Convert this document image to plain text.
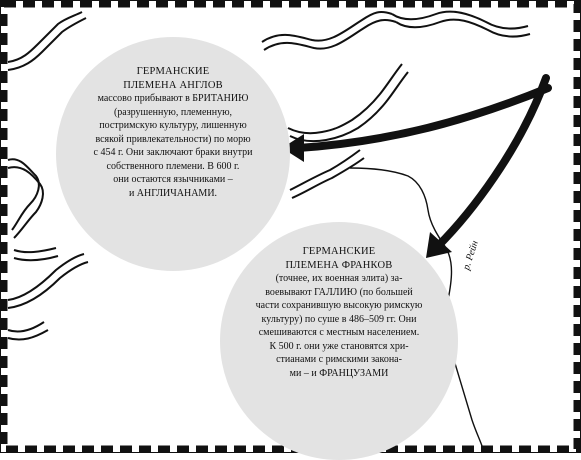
ГЕРМАНСКИЕ
ПЛЕМЕНА АНГЛОВ
массово прибывают в БРИТАНИЮ
(разрушенную, племенную,
постримскую культуру, лишенную
всякой привлекательности) по морю
с 454 г. Они заключают браки внутри
собственного племени. В 600 г.
они остаются язычниками –
и АНГЛИЧАНАМИ.
ГЕРМАНСКИЕ
ПЛЕМЕНА ФРАНКОВ
(точнее, их военная элита) за-
воевывают ГАЛЛИЮ (по большей
части сохранившую высокую римскую
культуру) по суше в 486–509 гг. Они
смешиваются с местным населением.
К 500 г. они уже становятся хри-
стианами с римскими закона-
ми – и ФРАНЦУЗАМИ
р. Рейн
